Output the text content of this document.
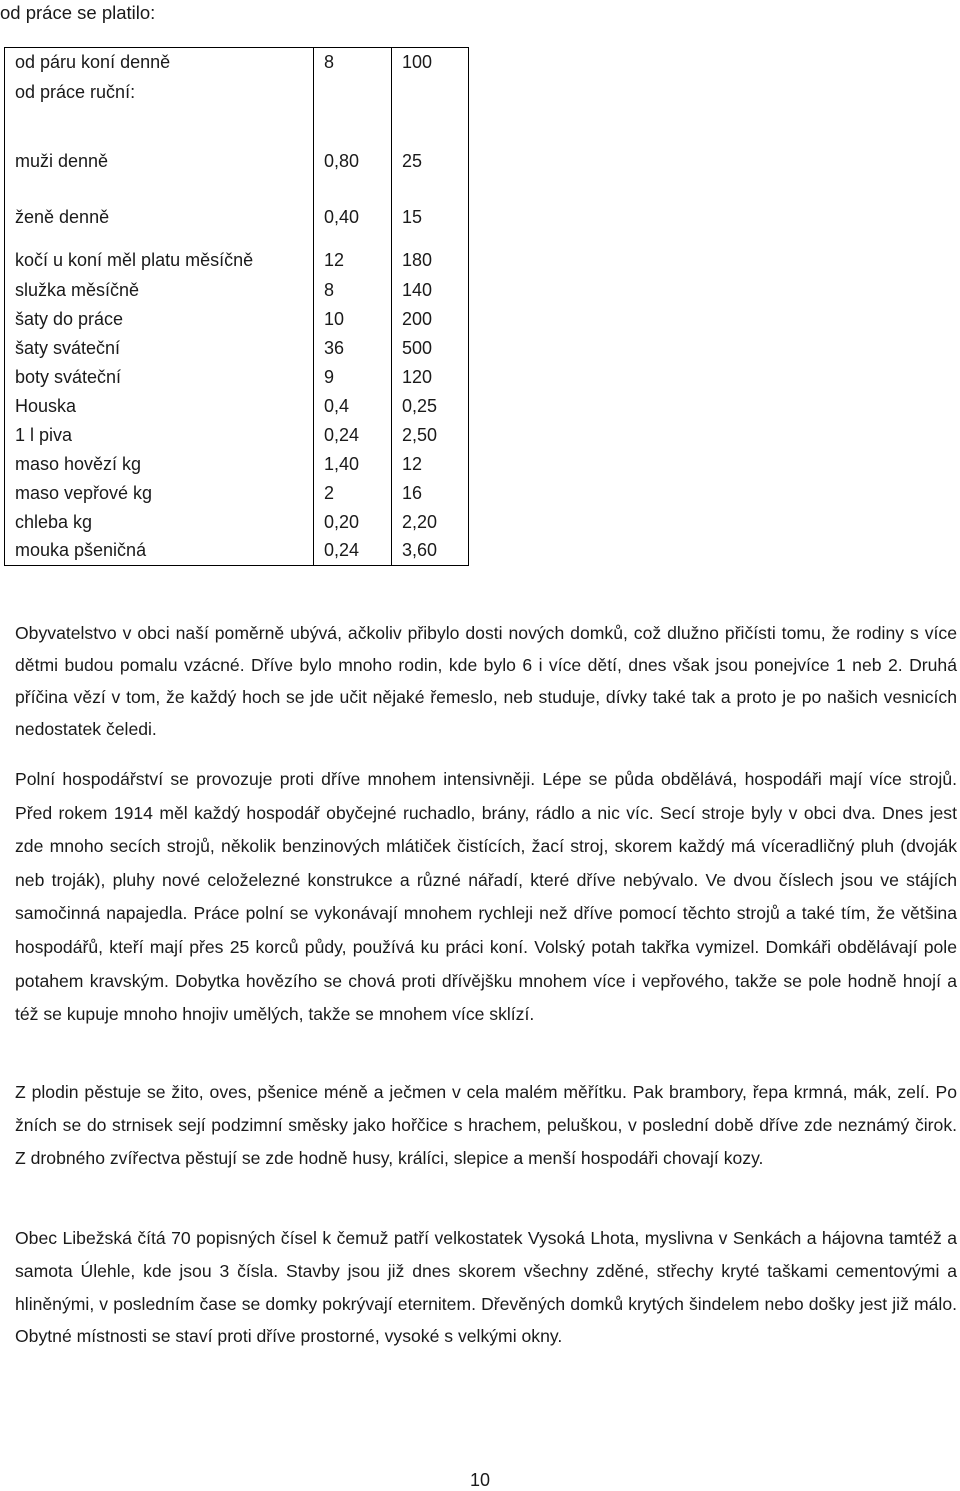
od práce se platilo:
od páru koní denně	8	100
od práce ruční:		
muži denně	0,80	25
ženě denně	0,40	15
kočí u koní měl platu měsíčně	12	180
služka měsíčně	8	140
šaty do práce	10	200
šaty sváteční	36	500
boty sváteční	9	120
Houska	0,4	0,25
1 l piva	0,24	2,50
maso hovězí kg	1,40	12
maso vepřové kg	2	16
chleba kg	0,20	2,20
mouka pšeničná	0,24	3,60

Obyvatelstvo v obci naší poměrně ubývá, ačkoliv přibylo dosti nových domků, což dlužno přičísti tomu, že rodiny s více dětmi budou pomalu vzácné. Dříve bylo mnoho rodin, kde bylo 6 i více dětí, dnes však jsou ponejvíce 1 neb 2. Druhá příčina vězí v tom, že každý hoch se jde učit nějaké řemeslo, neb studuje, dívky také tak a proto je po našich vesnicích nedostatek čeledi.

Polní hospodářství se provozuje proti dříve mnohem intensivněji. Lépe se půda obdělává, hospodáři mají více strojů. Před rokem 1914 měl každý hospodář obyčejné ruchadlo, brány, rádlo a nic víc. Secí stroje byly v obci dva. Dnes jest zde mnoho secích strojů, několik benzinových mlátiček čistících, žací stroj, skorem každý má víceradličný pluh (dvoják neb troják), pluhy nové celoželezné konstrukce a různé nářadí, které dříve nebývalo. Ve dvou číslech jsou ve stájích samočinná napajedla. Práce polní se vykonávají mnohem rychleji než dříve pomocí těchto strojů a také tím, že většina hospodářů, kteří mají přes 25 korců půdy, používá ku práci koní. Volský potah takřka vymizel. Domkáři obdělávají pole potahem kravským. Dobytka hovězího se chová proti dřívějšku mnohem více i vepřového, takže se pole hodně hnojí a též se kupuje mnoho hnojiv umělých, takže se mnohem více sklízí.

Z plodin pěstuje se žito, oves, pšenice méně a ječmen v cela malém měřítku. Pak brambory, řepa krmná, mák, zelí. Po žních se do strnisek sejí podzimní směsky jako hořčice s hrachem, peluškou, v poslední době dříve zde neznámý čirok. Z drobného zvířectva pěstují se zde hodně husy, králíci, slepice a menší hospodáři chovají kozy.

Obec Libežská čítá 70 popisných čísel k čemuž patří velkostatek Vysoká Lhota, myslivna v Senkách a hájovna tamtéž a samota Úlehle, kde jsou 3 čísla. Stavby jsou již dnes skorem všechny zděné, střechy kryté taškami cementovými a hliněnými, v posledním čase se domky pokrývají eternitem. Dřevěných domků krytých šindelem nebo došky jest již málo. Obytné místnosti se staví proti dříve prostorné, vysoké s velkými okny.

10
